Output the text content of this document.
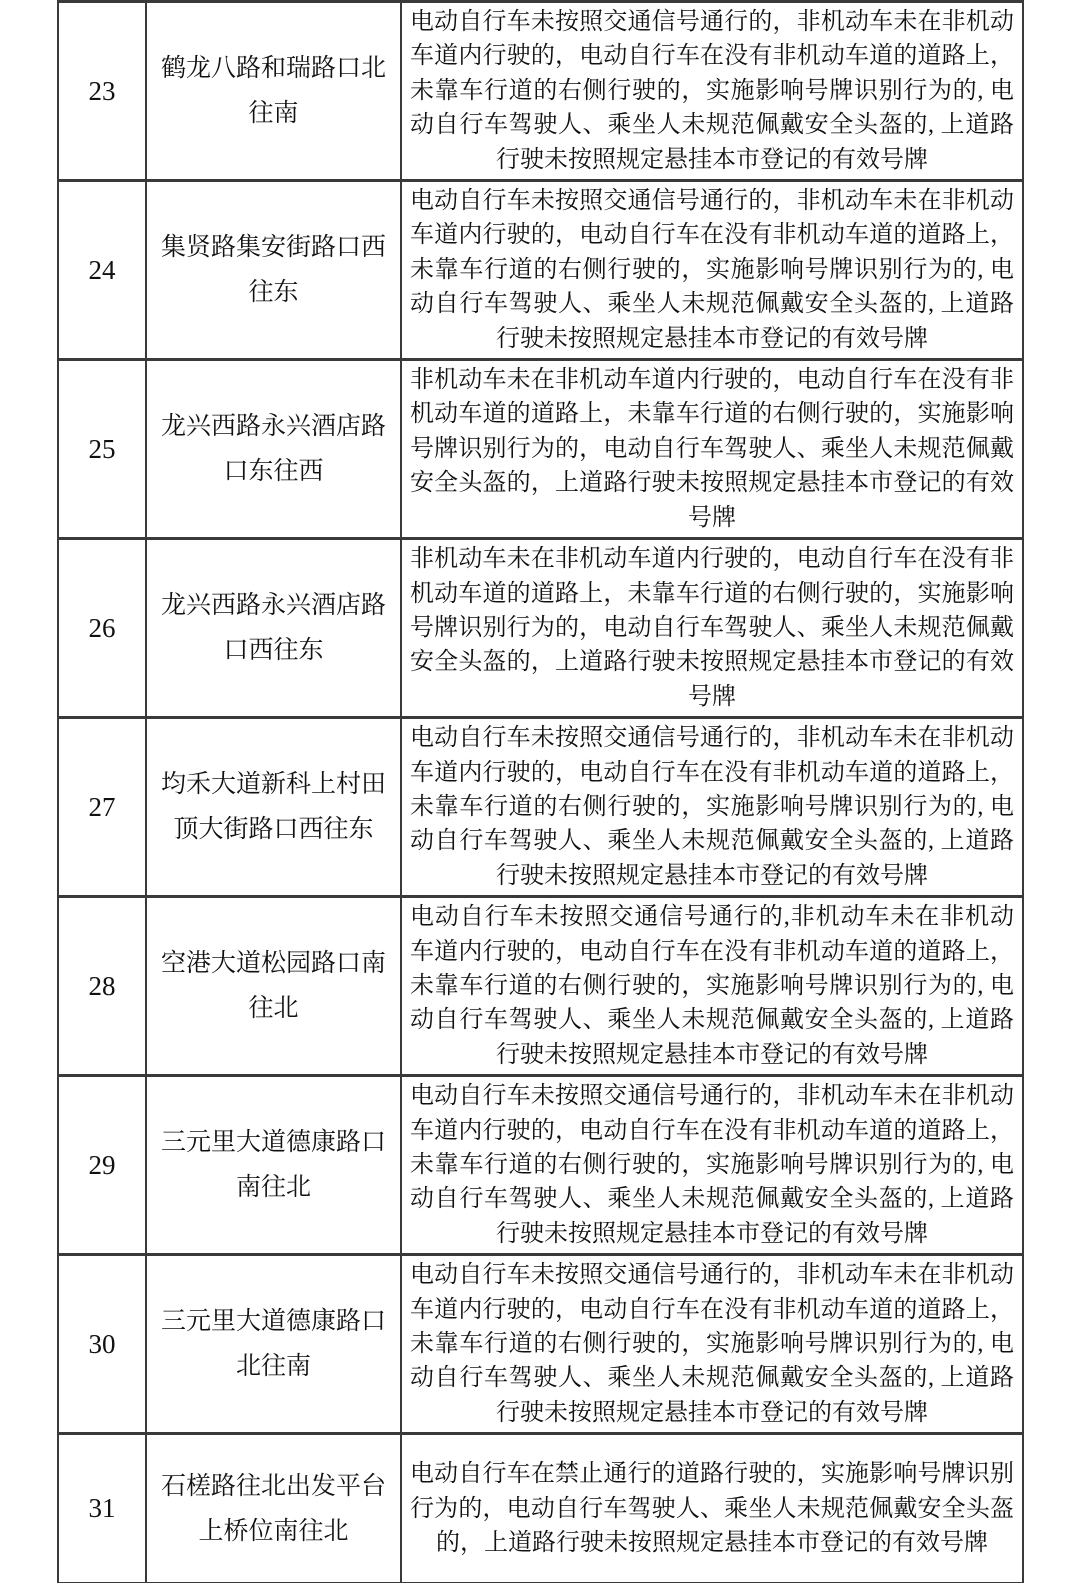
23	鹤龙八路和瑞路口北往南	电动自行车未按照交通信号通行的，非机动车未在非机动车道内行驶的，电动自行车在没有非机动车道的道路上，未靠车行道的右侧行驶的，实施影响号牌识别行为的, 电动自行车驾驶人、乘坐人未规范佩戴安全头盔的, 上道路行驶未按照规定悬挂本市登记的有效号牌
24	集贤路集安街路口西往东	电动自行车未按照交通信号通行的，非机动车未在非机动车道内行驶的，电动自行车在没有非机动车道的道路上，未靠车行道的右侧行驶的，实施影响号牌识别行为的, 电动自行车驾驶人、乘坐人未规范佩戴安全头盔的, 上道路行驶未按照规定悬挂本市登记的有效号牌
25	龙兴西路永兴酒店路口东往西	非机动车未在非机动车道内行驶的，电动自行车在没有非机动车道的道路上，未靠车行道的右侧行驶的，实施影响号牌识别行为的，电动自行车驾驶人、乘坐人未规范佩戴安全头盔的，上道路行驶未按照规定悬挂本市登记的有效号牌
26	龙兴西路永兴酒店路口西往东	非机动车未在非机动车道内行驶的，电动自行车在没有非机动车道的道路上，未靠车行道的右侧行驶的，实施影响号牌识别行为的，电动自行车驾驶人、乘坐人未规范佩戴安全头盔的，上道路行驶未按照规定悬挂本市登记的有效号牌
27	均禾大道新科上村田顶大街路口西往东	电动自行车未按照交通信号通行的，非机动车未在非机动车道内行驶的，电动自行车在没有非机动车道的道路上，未靠车行道的右侧行驶的，实施影响号牌识别行为的, 电动自行车驾驶人、乘坐人未规范佩戴安全头盔的, 上道路行驶未按照规定悬挂本市登记的有效号牌
28	空港大道松园路口南往北	电动自行车未按照交通信号通行的,非机动车未在非机动车道内行驶的，电动自行车在没有非机动车道的道路上，未靠车行道的右侧行驶的，实施影响号牌识别行为的, 电动自行车驾驶人、乘坐人未规范佩戴安全头盔的, 上道路行驶未按照规定悬挂本市登记的有效号牌
29	三元里大道德康路口南往北	电动自行车未按照交通信号通行的，非机动车未在非机动车道内行驶的，电动自行车在没有非机动车道的道路上，未靠车行道的右侧行驶的，实施影响号牌识别行为的, 电动自行车驾驶人、乘坐人未规范佩戴安全头盔的, 上道路行驶未按照规定悬挂本市登记的有效号牌
30	三元里大道德康路口北往南	电动自行车未按照交通信号通行的，非机动车未在非机动车道内行驶的，电动自行车在没有非机动车道的道路上，未靠车行道的右侧行驶的，实施影响号牌识别行为的, 电动自行车驾驶人、乘坐人未规范佩戴安全头盔的, 上道路行驶未按照规定悬挂本市登记的有效号牌
31	石槎路往北出发平台上桥位南往北	电动自行车在禁止通行的道路行驶的，实施影响号牌识别行为的，电动自行车驾驶人、乘坐人未规范佩戴安全头盔的，上道路行驶未按照规定悬挂本市登记的有效号牌
